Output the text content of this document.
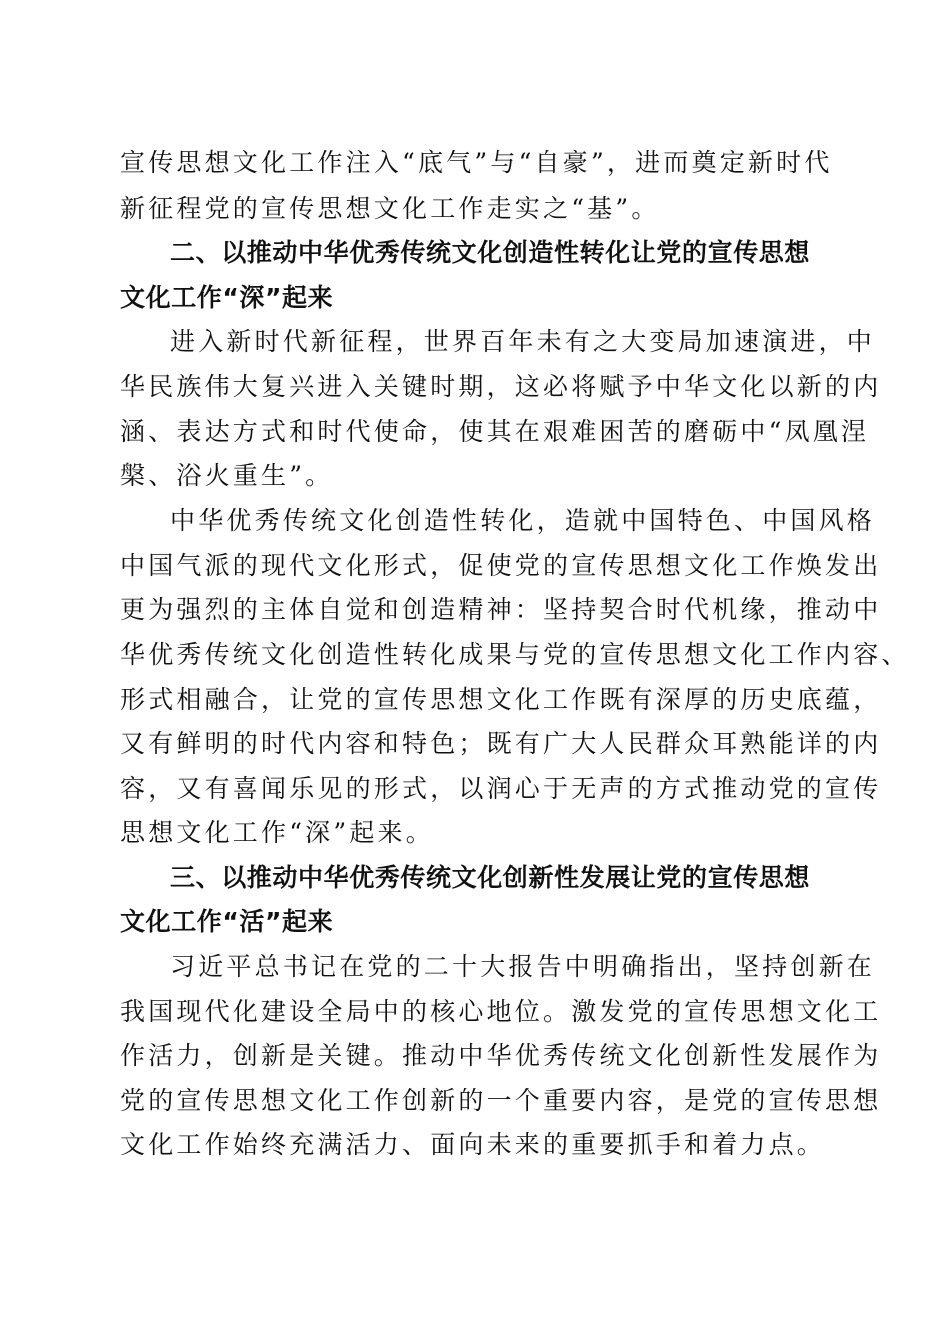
宣传思想文化工作注入“底气”与“自豪”，进而奠定新时代
新征程党的宣传思想文化工作走实之“基”。
二、以推动中华优秀传统文化创造性转化让党的宣传思想
文化工作“深”起来
进入新时代新征程，世界百年未有之大变局加速演进，中
华民族伟大复兴进入关键时期，这必将赋予中华文化以新的内
涵、表达方式和时代使命，使其在艰难困苦的磨砺中“凤凰涅
槃、浴火重生”。
中华优秀传统文化创造性转化，造就中国特色、中国风格
中国气派的现代文化形式，促使党的宣传思想文化工作焕发出
更为强烈的主体自觉和创造精神：坚持契合时代机缘，推动中
华优秀传统文化创造性转化成果与党的宣传思想文化工作内容、
形式相融合，让党的宣传思想文化工作既有深厚的历史底蕴，
又有鲜明的时代内容和特色；既有广大人民群众耳熟能详的内
容，又有喜闻乐见的形式，以润心于无声的方式推动党的宣传
思想文化工作“深”起来。
三、以推动中华优秀传统文化创新性发展让党的宣传思想
文化工作“活”起来
习近平总书记在党的二十大报告中明确指出，坚持创新在
我国现代化建设全局中的核心地位。激发党的宣传思想文化工
作活力，创新是关键。推动中华优秀传统文化创新性发展作为
党的宣传思想文化工作创新的一个重要内容，是党的宣传思想
文化工作始终充满活力、面向未来的重要抓手和着力点。
